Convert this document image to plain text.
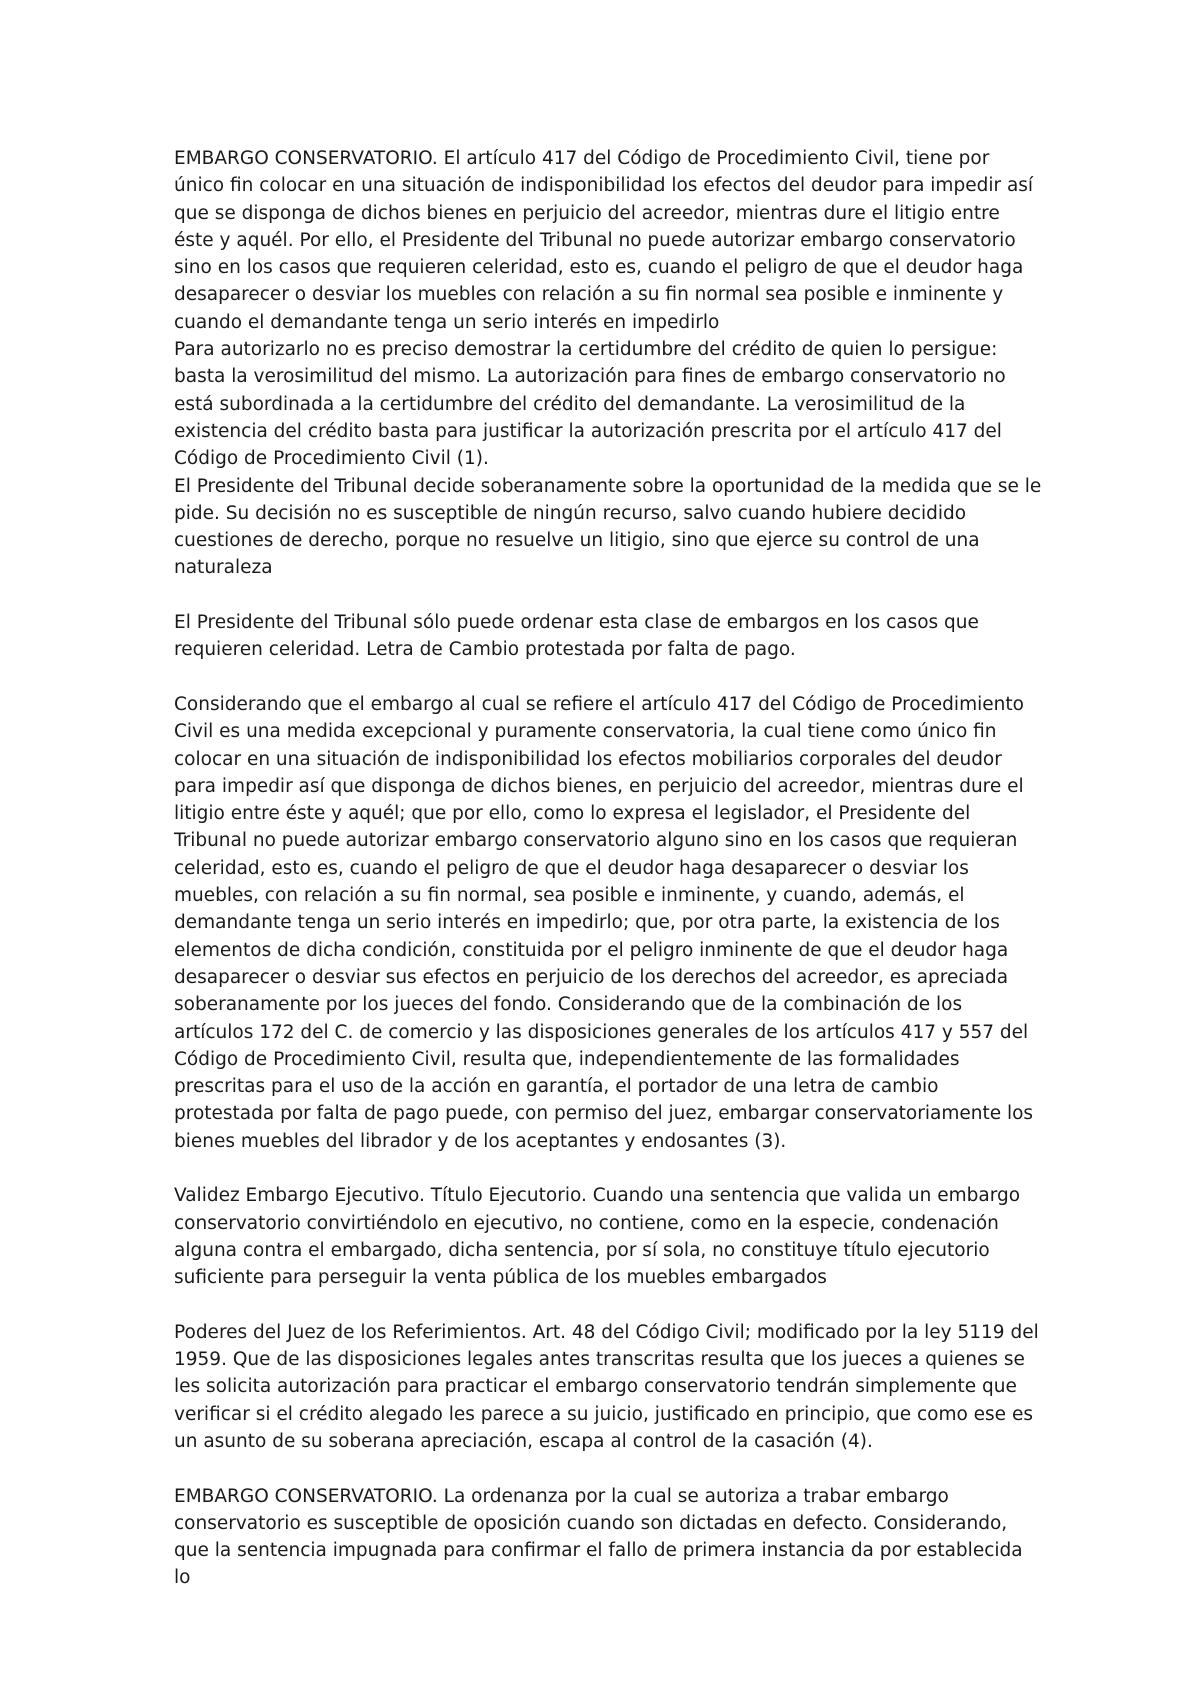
EMBARGO CONSERVATORIO. El artículo 417 del Código de Procedimiento Civil, tiene por único fin colocar en una situación de indisponibilidad los efectos del deudor para impedir así que se disponga de dichos bienes en perjuicio del acreedor, mientras dure el litigio entre éste y aquél. Por ello, el Presidente del Tribunal no puede autorizar embargo conservatorio sino en los casos que requieren celeridad, esto es, cuando el peligro de que el deudor haga desaparecer o desviar los muebles con relación a su fin normal sea posible e inminente y cuando el demandante tenga un serio interés en impedirlo

Para autorizarlo no es preciso demostrar la certidumbre del crédito de quien lo persigue: basta la verosimilitud del mismo. La autorización para fines de embargo conservatorio no está subordinada a la certidumbre del crédito del demandante. La verosimilitud de la existencia del crédito basta para justificar la autorización prescrita por el artículo 417 del Código de Procedimiento Civil (1).

El Presidente del Tribunal decide soberanamente sobre la oportunidad de la medida que se le pide. Su decisión no es susceptible de ningún recurso, salvo cuando hubiere decidido cuestiones de derecho, porque no resuelve un litigio, sino que ejerce su control de una naturaleza

El Presidente del Tribunal sólo puede ordenar esta clase de embargos en los casos que requieren celeridad. Letra de Cambio protestada por falta de pago.

Considerando que el embargo al cual se refiere el artículo 417 del Código de Procedimiento Civil es una medida excepcional y puramente conservatoria, la cual tiene como único fin colocar en una situación de indisponibilidad los efectos mobiliarios corporales del deudor para impedir así que disponga de dichos bienes, en perjuicio del acreedor, mientras dure el litigio entre éste y aquél; que por ello, como lo expresa el legislador, el Presidente del Tribunal no puede autorizar embargo conservatorio alguno sino en los casos que requieran celeridad, esto es, cuando el peligro de que el deudor haga desaparecer o desviar los muebles, con relación a su fin normal, sea posible e inminente, y cuando, además, el demandante tenga un serio interés en impedirlo; que, por otra parte, la existencia de los elementos de dicha condición, constituida por el peligro inminente de que el deudor haga desaparecer o desviar sus efectos en perjuicio de los derechos del acreedor, es apreciada soberanamente por los jueces del fondo. Considerando que de la combinación de los artículos 172 del C. de comercio y las disposiciones generales de los artículos 417 y 557 del Código de Procedimiento Civil, resulta que, independientemente de las formalidades prescritas para el uso de la acción en garantía, el portador de una letra de cambio protestada por falta de pago puede, con permiso del juez, embargar conservatoriamente los bienes muebles del librador y de los aceptantes y endosantes (3).

Validez Embargo Ejecutivo. Título Ejecutorio. Cuando una sentencia que valida un embargo conservatorio convirtiéndolo en ejecutivo, no contiene, como en la especie, condenación alguna contra el embargado, dicha sentencia, por sí sola, no constituye título ejecutorio suficiente para perseguir la venta pública de los muebles embargados

Poderes del Juez de los Referimientos. Art. 48 del Código Civil; modificado por la ley 5119 del 1959. Que de las disposiciones legales antes transcritas resulta que los jueces a quienes se les solicita autorización para practicar el embargo conservatorio tendrán simplemente que verificar si el crédito alegado les parece a su juicio, justificado en principio, que como ese es un asunto de su soberana apreciación, escapa al control de la casación (4).

EMBARGO CONSERVATORIO. La ordenanza por la cual se autoriza a trabar embargo conservatorio es susceptible de oposición cuando son dictadas en defecto. Considerando, que la sentencia impugnada para confirmar el fallo de primera instancia da por establecida lo
